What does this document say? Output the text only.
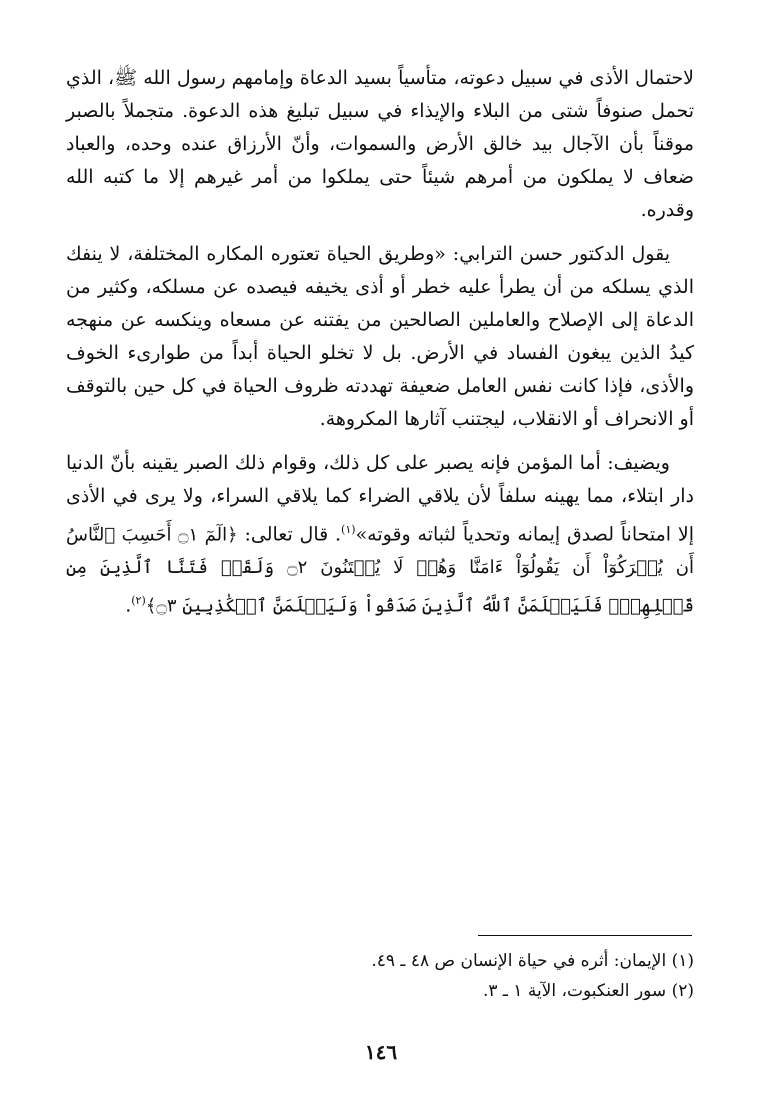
لاحتمال الأذى في سبيل دعوته، متأسياً بسيد الدعاة وإمامهم رسول الله ﷺ، الذي تحمل صنوفاً شتى من البلاء والإيذاء في سبيل تبليغ هذه الدعوة. متجملاً بالصبر موقناً بأن الآجال بيد خالق الأرض والسموات، وأنّ الأرزاق عنده وحده، والعباد ضعاف لا يملكون من أمرهم شيئاً حتى يملكوا من أمر غيرهم إلا ما كتبه الله وقدره.

يقول الدكتور حسن الترابي: «وطريق الحياة تعتوره المكاره المختلفة، لا ينفك الذي يسلكه من أن يطرأ عليه خطر أو أذى يخيفه فيصده عن مسلكه، وكثير من الدعاة إلى الإصلاح والعاملين الصالحين من يفتنه عن مسعاه وينكسه عن منهجه كيدُ الذين يبغون الفساد في الأرض. بل لا تخلو الحياة أبداً من طوارىء الخوف والأذى، فإذا كانت نفس العامل ضعيفة تهددته ظروف الحياة في كل حين بالتوقف أو الانحراف أو الانقلاب، ليجتنب آثارها المكروهة.

ويضيف: أما المؤمن فإنه يصبر على كل ذلك، وقوام ذلك الصبر يقينه بأنّ الدنيا دار ابتلاء، مما يهينه سلفاً لأن يلاقي الضراء كما يلاقي السراء، ولا يرى في الأذى إلا امتحاناً لصدق إيمانه وتحدياً لثباته وقوته»$^{(١)}$. قال تعالى: ﴿الٓمٓ ۝١ أَحَسِبَ ٱلنَّاسُ أَن يُتۡرَكُوٓاْ أَن يَقُولُوٓاْ ءَامَنَّا وَهُمۡ لَا يُفۡتَنُونَ ۝٢ وَلَقَدۡ فَتَنَّا ٱلَّذِينَ مِن قَبۡلِهِمۡۖ فَلَيَعۡلَمَنَّ ٱللَّهُ ٱلَّذِينَ صَدَقُواْ وَلَيَعۡلَمَنَّ ٱلۡكَٰذِبِينَ ۝٣﴾$^{(٢)}$.

(١) الإيمان: أثره في حياة الإنسان ص ٤٨ ـ ٤٩.

(٢) سور العنكبوت، الآية ١ ـ ٣.

١٤٦
